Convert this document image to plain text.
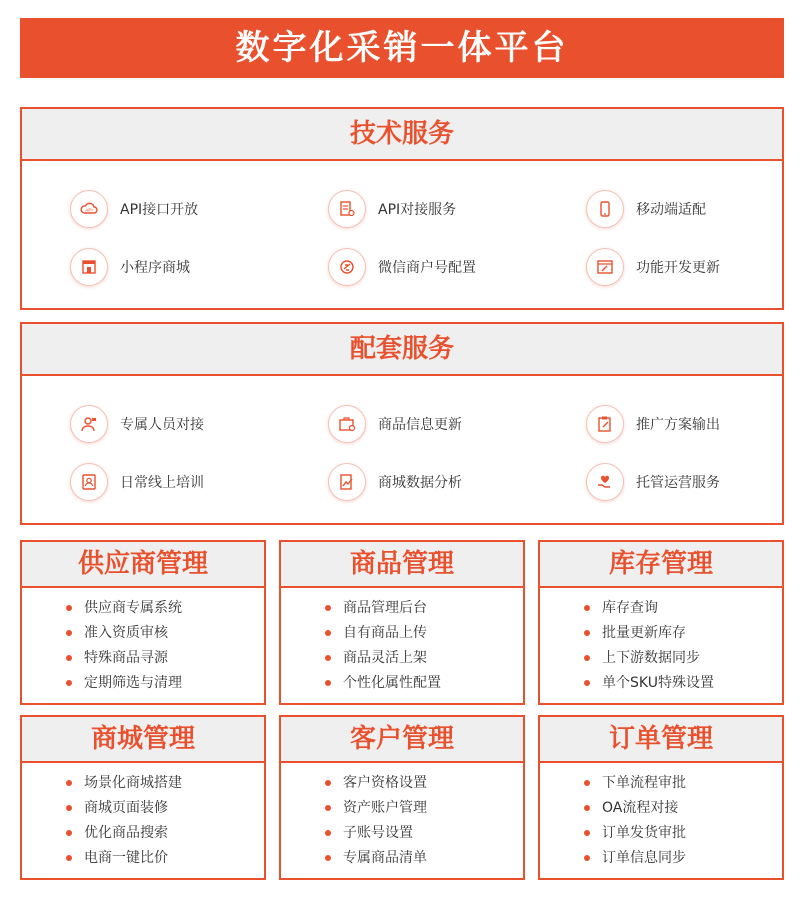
数字化采销一体平台
技术服务
API API接口开放	API对接服务	移动端适配
小程序商城	微信商户号配置	功能开发更新
配套服务
专属人员对接	商品信息更新	推广方案输出
日常线上培训	商城数据分析	托管运营服务
供应商管理
供应商专属系统
准入资质审核
特殊商品寻源
定期筛选与清理
商品管理
商品管理后台
自有商品上传
商品灵活上架
个性化属性配置
库存管理
库存查询
批量更新库存
上下游数据同步
单个SKU特殊设置
商城管理
场景化商城搭建
商城页面装修
优化商品搜索
电商一键比价
客户管理
客户资格设置
资产账户管理
子账号设置
专属商品清单
订单管理
下单流程审批
OA流程对接
订单发货审批
订单信息同步
